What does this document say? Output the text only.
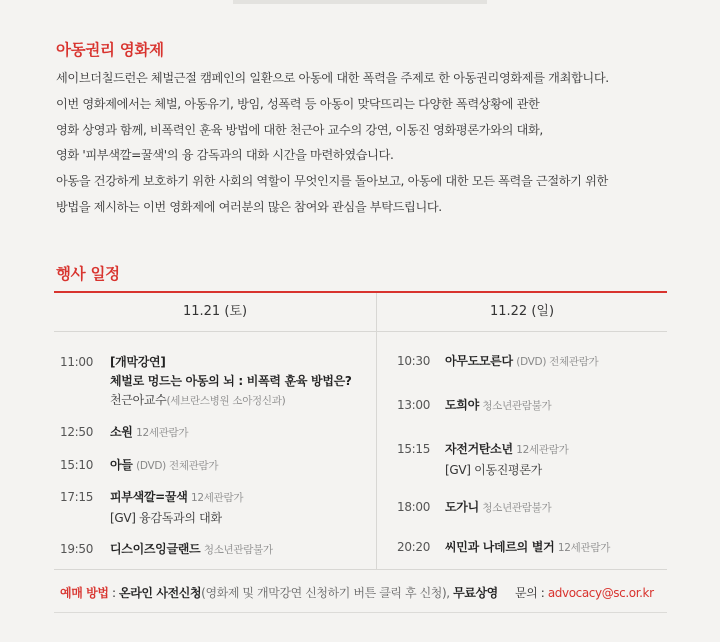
아동권리 영화제
세이브더칠드런은 체벌근절 캠페인의 일환으로 아동에 대한 폭력을 주제로 한 아동권리영화제를 개최합니다.
이번 영화제에서는 체벌, 아동유기, 방임, 성폭력 등 아동이 맞닥뜨리는 다양한 폭력상황에 관한
영화 상영과 함께, 비폭력인 훈육 방법에 대한 천근아 교수의 강연, 이동진 영화평론가와의 대화,
영화 '피부색깔=꿀색'의 융 감독과의 대화 시간을 마련하였습니다.
아동을 건강하게 보호하기 위한 사회의 역할이 무엇인지를 돌아보고, 아동에 대한 모든 폭력을 근절하기 위한
방법을 제시하는 이번 영화제에 여러분의 많은 참여와 관심을 부탁드립니다.
행사 일정
11.21 (토)
11:00 [개막강연]
체벌로 멍드는 아동의 뇌 : 비폭력 훈육 방법은?
천근아교수(세브란스병원 소아정신과)
12:50 소원 12세관람가
15:10 아들 (DVD) 전체관람가
17:15 피부색깔=꿀색 12세관람가
[GV] 융감독과의 대화
19:50 디스이즈잉글랜드 청소년관람불가
11.22 (일)
10:30 아무도모른다 (DVD) 전체관람가
13:00 도희야 청소년관람불가
15:15 자전거탄소년 12세관람가
[GV] 이동진평론가
18:00 도가니 청소년관람불가
20:20 씨민과 나데르의 별거 12세관람가
예매 방법 : 온라인 사전신청(영화제 및 개막강연 신청하기 버튼 클릭 후 신청), 무료상영 문의 : advocacy@sc.or.kr
